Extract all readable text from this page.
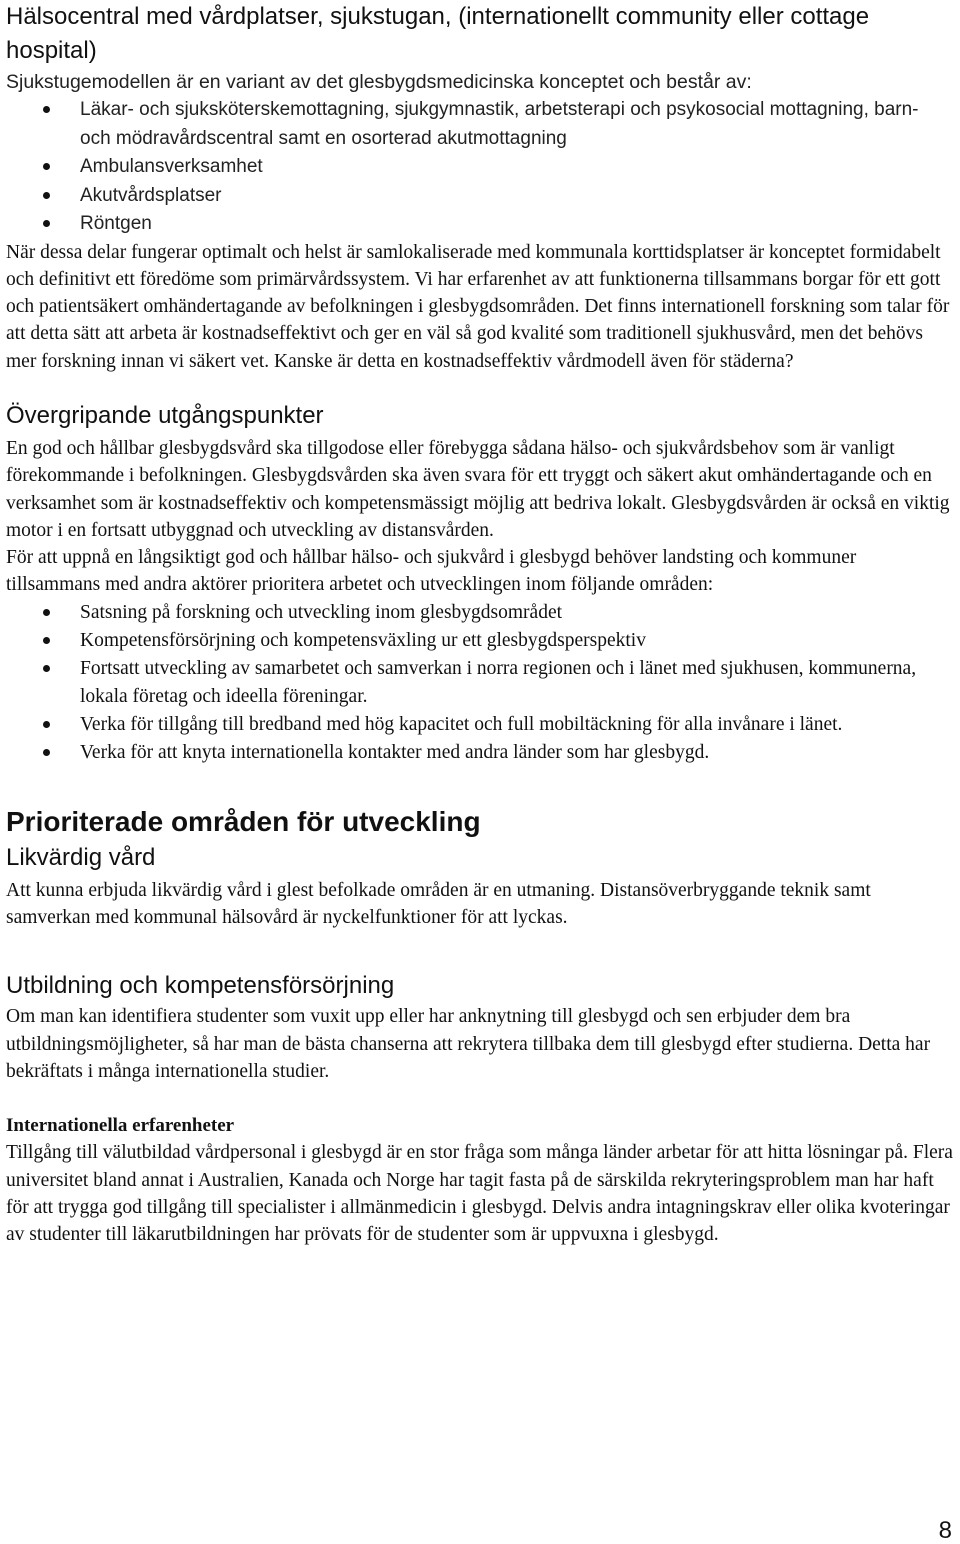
Hälsocentral med vårdplatser, sjukstugan, (internationellt community eller cottage hospital)

Sjukstugemodellen är en variant av det glesbygdsmedicinska konceptet och består av:

Läkar- och sjuksköterskemottagning, sjukgymnastik, arbetsterapi och psykosocial mottagning, barn- och mödravårdscentral samt en osorterad akutmottagning
Ambulansverksamhet
Akutvårdsplatser
Röntgen

När dessa delar fungerar optimalt och helst är samlokaliserade med kommunala korttidsplatser är konceptet formidabelt och definitivt ett föredöme som primärvårdssystem. Vi har erfarenhet av att funktionerna tillsammans borgar för ett gott och patientsäkert omhändertagande av befolkningen i glesbygdsområden. Det finns internationell forskning som talar för att detta sätt att arbeta är kostnadseffektivt och ger en väl så god kvalité som traditionell sjukhusvård, men det behövs mer forskning innan vi säkert vet. Kanske är detta en kostnadseffektiv vårdmodell även för städerna?

Övergripande utgångspunkter

En god och hållbar glesbygdsvård ska tillgodose eller förebygga sådana hälso- och sjukvårdsbehov som är vanligt förekommande i befolkningen. Glesbygdsvården ska även svara för ett tryggt och säkert akut omhändertagande och en verksamhet som är kostnadseffektiv och kompetensmässigt möjlig att bedriva lokalt. Glesbygdsvården är också en viktig motor i en fortsatt utbyggnad och utveckling av distansvården.

För att uppnå en långsiktigt god och hållbar hälso- och sjukvård i glesbygd behöver landsting och kommuner tillsammans med andra aktörer prioritera arbetet och utvecklingen inom följande områden:

Satsning på forskning och utveckling inom glesbygdsområdet
Kompetensförsörjning och kompetensväxling ur ett glesbygdsperspektiv
Fortsatt utveckling av samarbetet och samverkan i norra regionen och i länet med sjukhusen, kommunerna, lokala företag och ideella föreningar.
Verka för tillgång till bredband med hög kapacitet och full mobiltäckning för alla invånare i länet.
Verka för att knyta internationella kontakter med andra länder som har glesbygd.
Prioriterade områden för utveckling
Likvärdig vård

Att kunna erbjuda likvärdig vård i glest befolkade områden är en utmaning. Distansöverbryggande teknik samt samverkan med kommunal hälsovård är nyckelfunktioner för att lyckas.

Utbildning och kompetensförsörjning

Om man kan identifiera studenter som vuxit upp eller har anknytning till glesbygd och sen erbjuder dem bra utbildningsmöjligheter, så har man de bästa chanserna att rekrytera tillbaka dem till glesbygd efter studierna. Detta har bekräftats i många internationella studier.

Internationella erfarenheter

Tillgång till välutbildad vårdpersonal i glesbygd är en stor fråga som många länder arbetar för att hitta lösningar på. Flera universitet bland annat i Australien, Kanada och Norge har tagit fasta på de särskilda rekryteringsproblem man har haft för att trygga god tillgång till specialister i allmänmedicin i glesbygd. Delvis andra intagningskrav eller olika kvoteringar av studenter till läkarutbildningen har prövats för de studenter som är uppvuxna i glesbygd.

8
